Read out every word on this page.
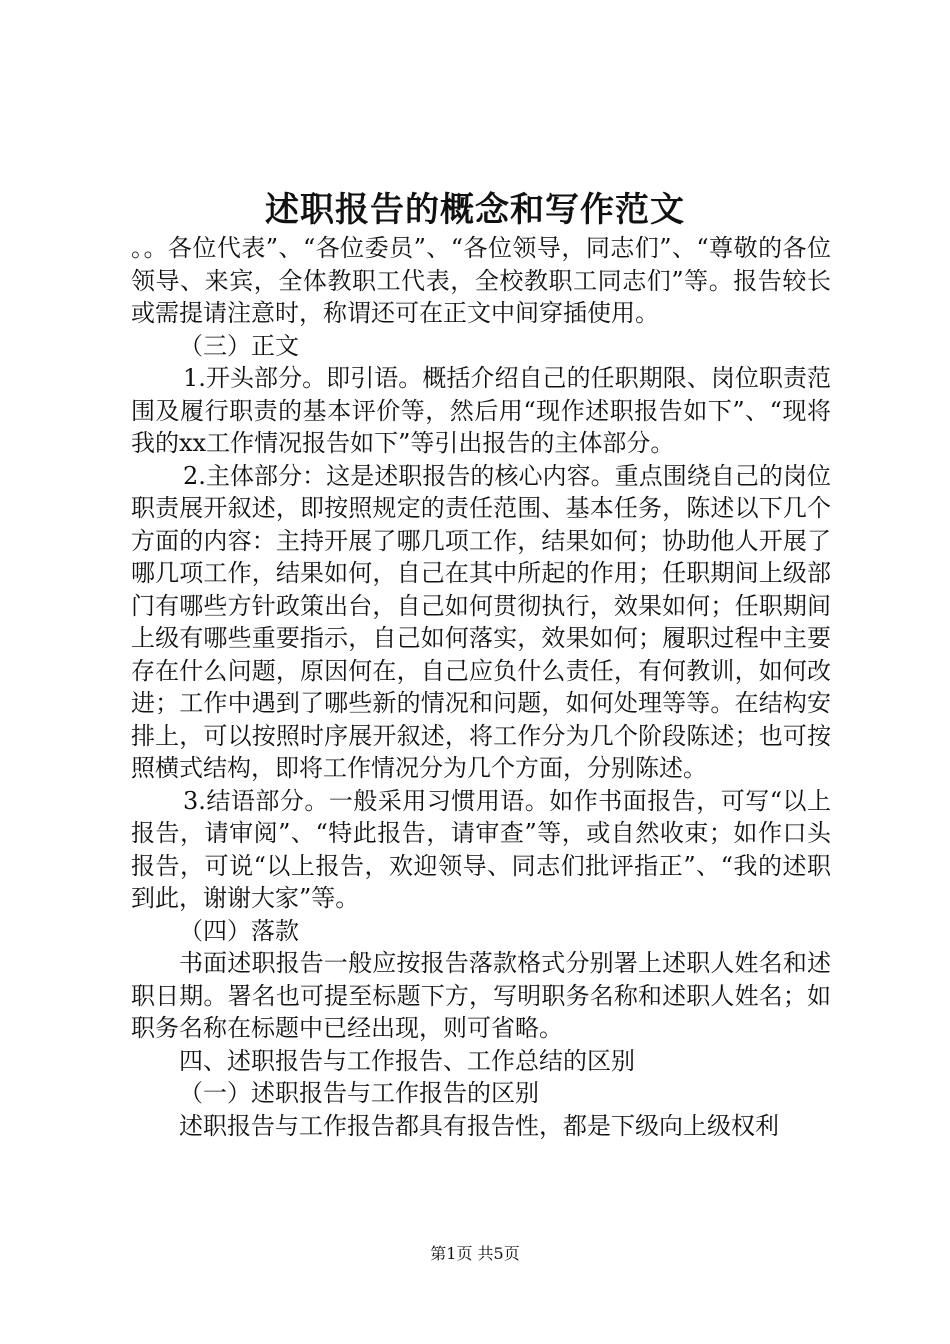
述职报告的概念和写作范文

。。各位代表”、“各位委员”、“各位领导，同志们”、“尊敬的各位领导、来宾，全体教职工代表，全校教职工同志们”等。报告较长或需提请注意时，称谓还可在正文中间穿插使用。

（三）正文

1.开头部分。即引语。概括介绍自己的任职期限、岗位职责范围及履行职责的基本评价等，然后用“现作述职报告如下”、“现将我的xx工作情况报告如下”等引出报告的主体部分。

2.主体部分：这是述职报告的核心内容。重点围绕自己的岗位职责展开叙述，即按照规定的责任范围、基本任务，陈述以下几个方面的内容：主持开展了哪几项工作，结果如何；协助他人开展了哪几项工作，结果如何，自己在其中所起的作用；任职期间上级部门有哪些方针政策出台，自己如何贯彻执行，效果如何；任职期间上级有哪些重要指示，自己如何落实，效果如何；履职过程中主要存在什么问题，原因何在，自己应负什么责任，有何教训，如何改进；工作中遇到了哪些新的情况和问题，如何处理等等。在结构安排上，可以按照时序展开叙述，将工作分为几个阶段陈述；也可按照横式结构，即将工作情况分为几个方面，分别陈述。

3.结语部分。一般采用习惯用语。如作书面报告，可写“以上报告，请审阅”、“特此报告，请审查”等，或自然收束；如作口头报告，可说“以上报告，欢迎领导、同志们批评指正”、“我的述职到此，谢谢大家”等。

（四）落款

书面述职报告一般应按报告落款格式分别署上述职人姓名和述职日期。署名也可提至标题下方，写明职务名称和述职人姓名；如职务名称在标题中已经出现，则可省略。

四、述职报告与工作报告、工作总结的区别

（一）述职报告与工作报告的区别

述职报告与工作报告都具有报告性，都是下级向上级权利

第1页 共5页
